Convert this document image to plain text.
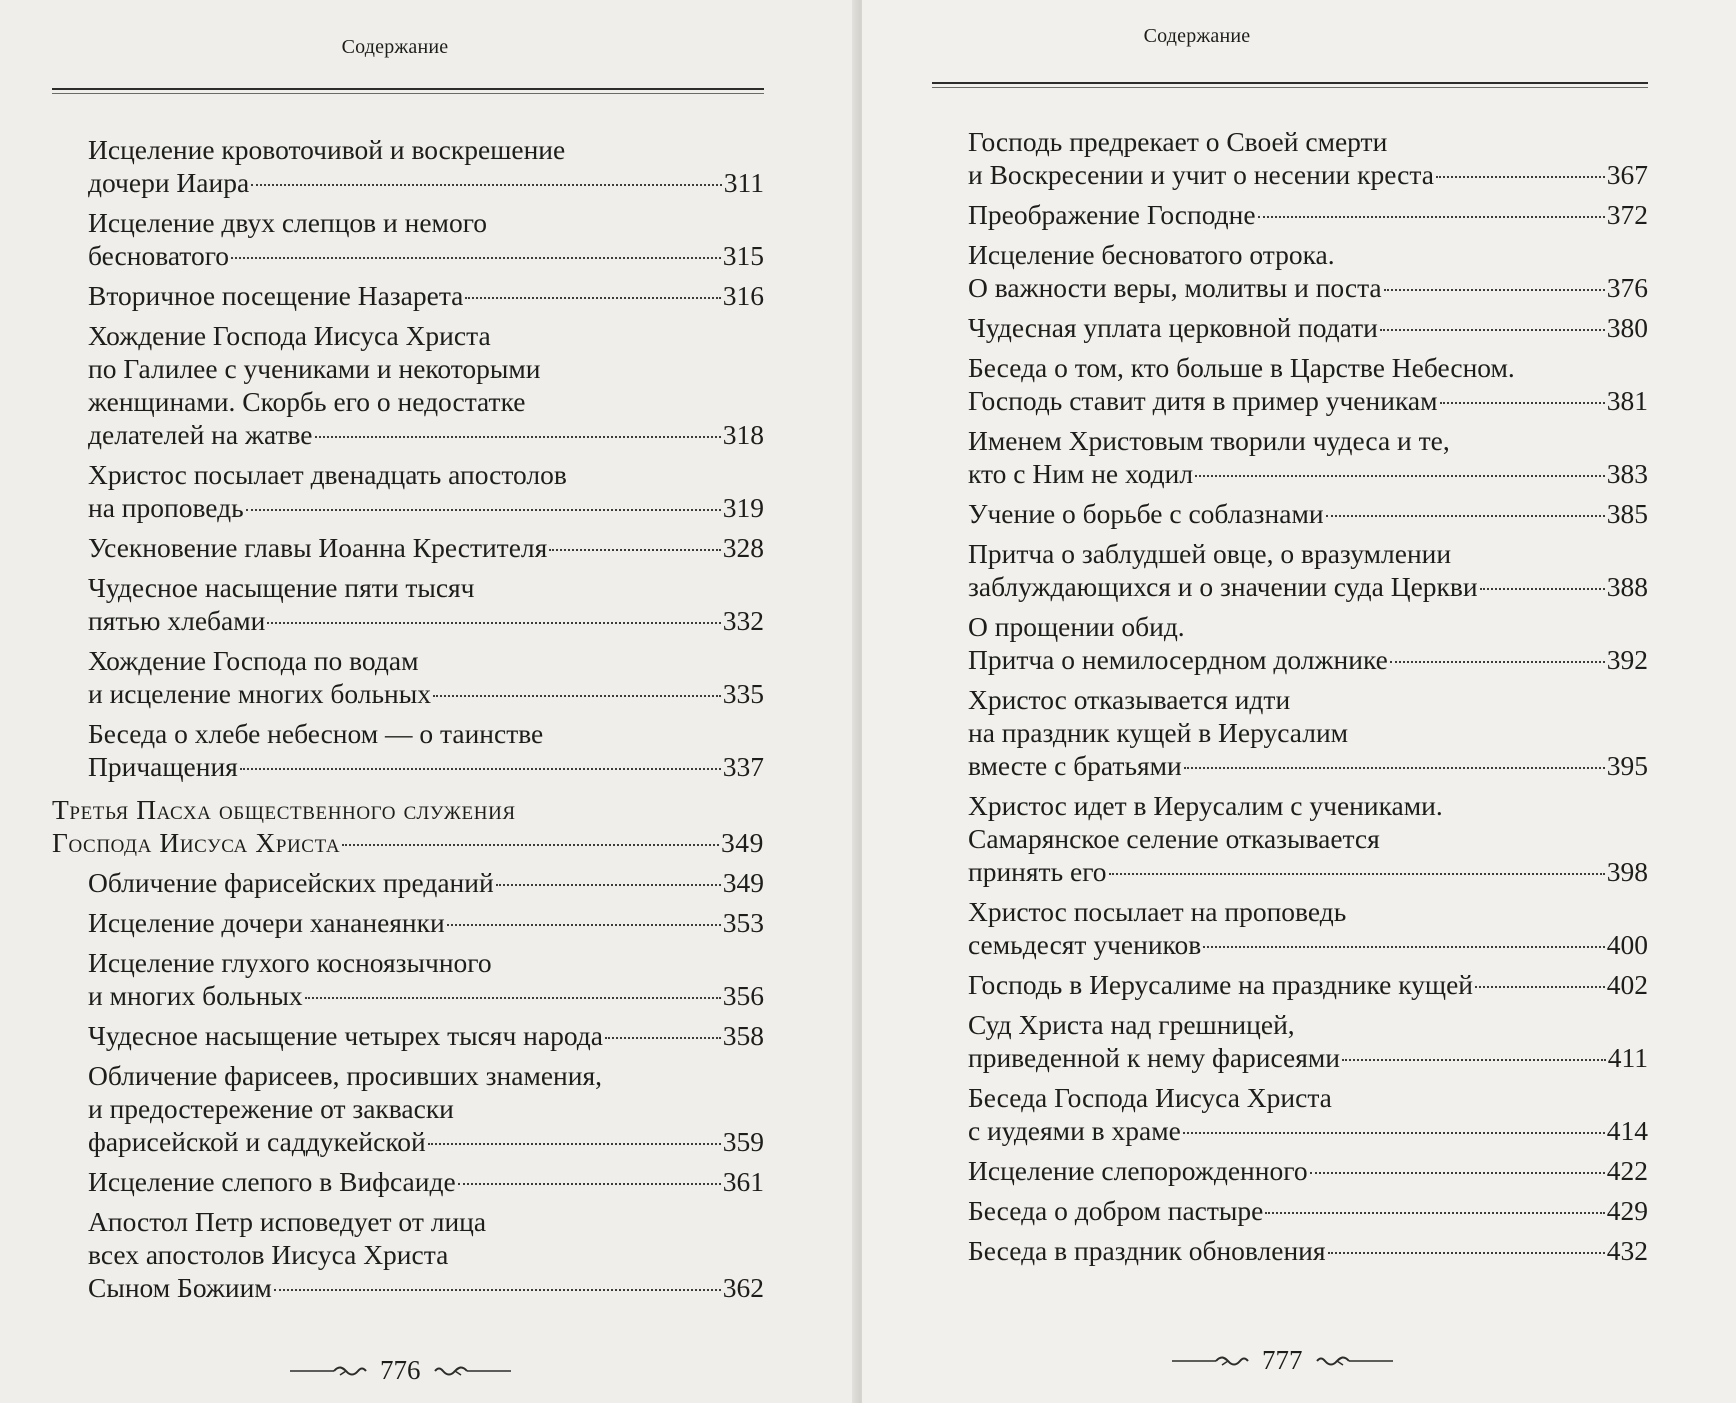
Содержание
Исцеление кровоточивой и воскрешение
дочери Иаира	311
Исцеление двух слепцов и немого
бесноватого	315
Вторичное посещение Назарета	316
Хождение Господа Иисуса Христа
по Галилее с учениками и некоторыми
женщинами. Скорбь его о недостатке
делателей на жатве	318
Христос посылает двенадцать апостолов
на проповедь	319
Усекновение главы Иоанна Крестителя	328
Чудесное насыщение пяти тысяч
пятью хлебами	332
Хождение Господа по водам
и исцеление многих больных	335
Беседа о хлебе небесном — о таинстве
Причащения	337
Третья Пасха общественного служения
Господа Иисуса Христа	349
Обличение фарисейских преданий	349
Исцеление дочери хананеянки	353
Исцеление глухого косноязычного
и многих больных	356
Чудесное насыщение четырех тысяч народа	358
Обличение фарисеев, просивших знамения,
и предостережение от закваски
фарисейской и саддукейской	359
Исцеление слепого в Вифсаиде	361
Апостол Петр исповедует от лица
всех апостолов Иисуса Христа
Сыном Божиим	362
776
Содержание
Господь предрекает о Своей смерти
и Воскресении и учит о несении креста	367
Преображение Господне	372
Исцеление бесноватого отрока.
О важности веры, молитвы и поста	376
Чудесная уплата церковной подати	380
Беседа о том, кто больше в Царстве Небесном.
Господь ставит дитя в пример ученикам	381
Именем Христовым творили чудеса и те,
кто с Ним не ходил	383
Учение о борьбе с соблазнами	385
Притча о заблудшей овце, о вразумлении
заблуждающихся и о значении суда Церкви	388
О прощении обид.
Притча о немилосердном должнике	392
Христос отказывается идти
на праздник кущей в Иерусалим
вместе с братьями	395
Христос идет в Иерусалим с учениками.
Самарянское селение отказывается
принять его	398
Христос посылает на проповедь
семьдесят учеников	400
Господь в Иерусалиме на празднике кущей	402
Суд Христа над грешницей,
приведенной к нему фарисеями	411
Беседа Господа Иисуса Христа
с иудеями в храме	414
Исцеление слепорожденного	422
Беседа о добром пастыре	429
Беседа в праздник обновления	432
777
